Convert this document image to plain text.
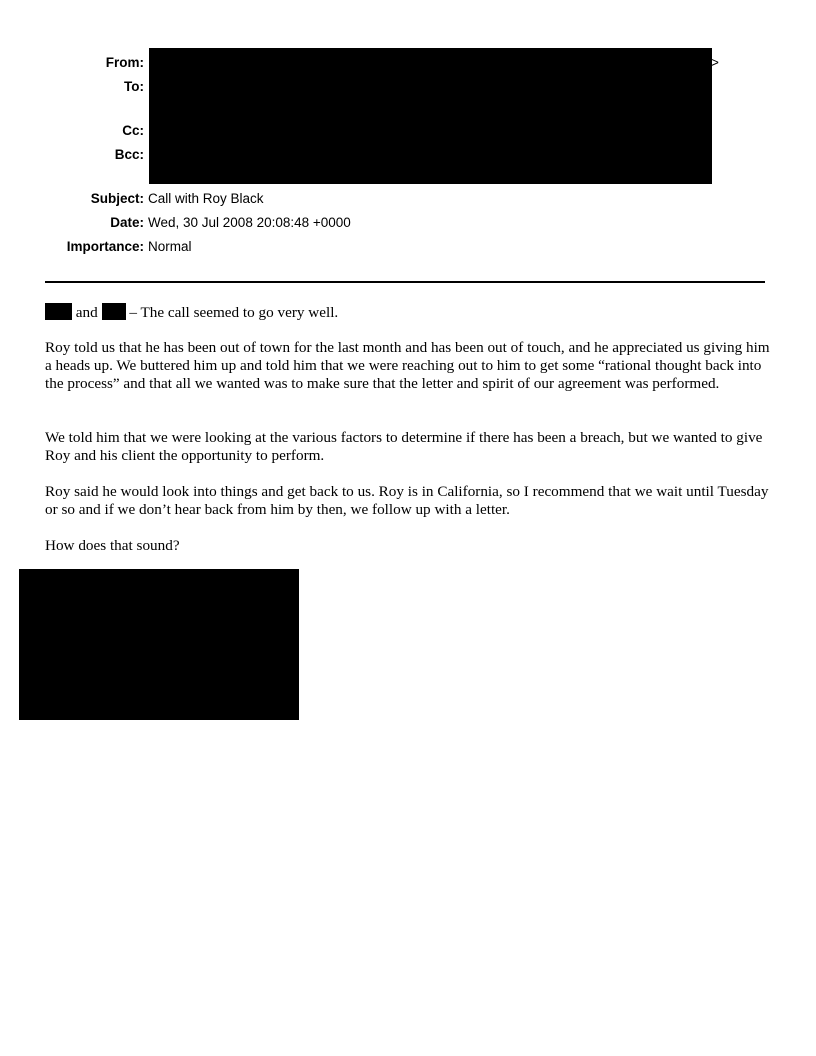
From:
To:
Cc:
Bcc:
Subject:
Date:
Importance:
>
Call with Roy Black
Wed, 30 Jul 2008 20:08:48 +0000
Normal
and – The call seemed to go very well.
Roy told us that he has been out of town for the last month and has been out of touch, and he appreciated us giving him a heads up. We buttered him up and told him that we were reaching out to him to get some “rational thought back into the process” and that all we wanted was to make sure that the letter and spirit of our agreement was performed.
We told him that we were looking at the various factors to determine if there has been a breach, but we wanted to give Roy and his client the opportunity to perform.
Roy said he would look into things and get back to us. Roy is in California, so I recommend that we wait until Tuesday or so and if we don’t hear back from him by then, we follow up with a letter.
How does that sound?
